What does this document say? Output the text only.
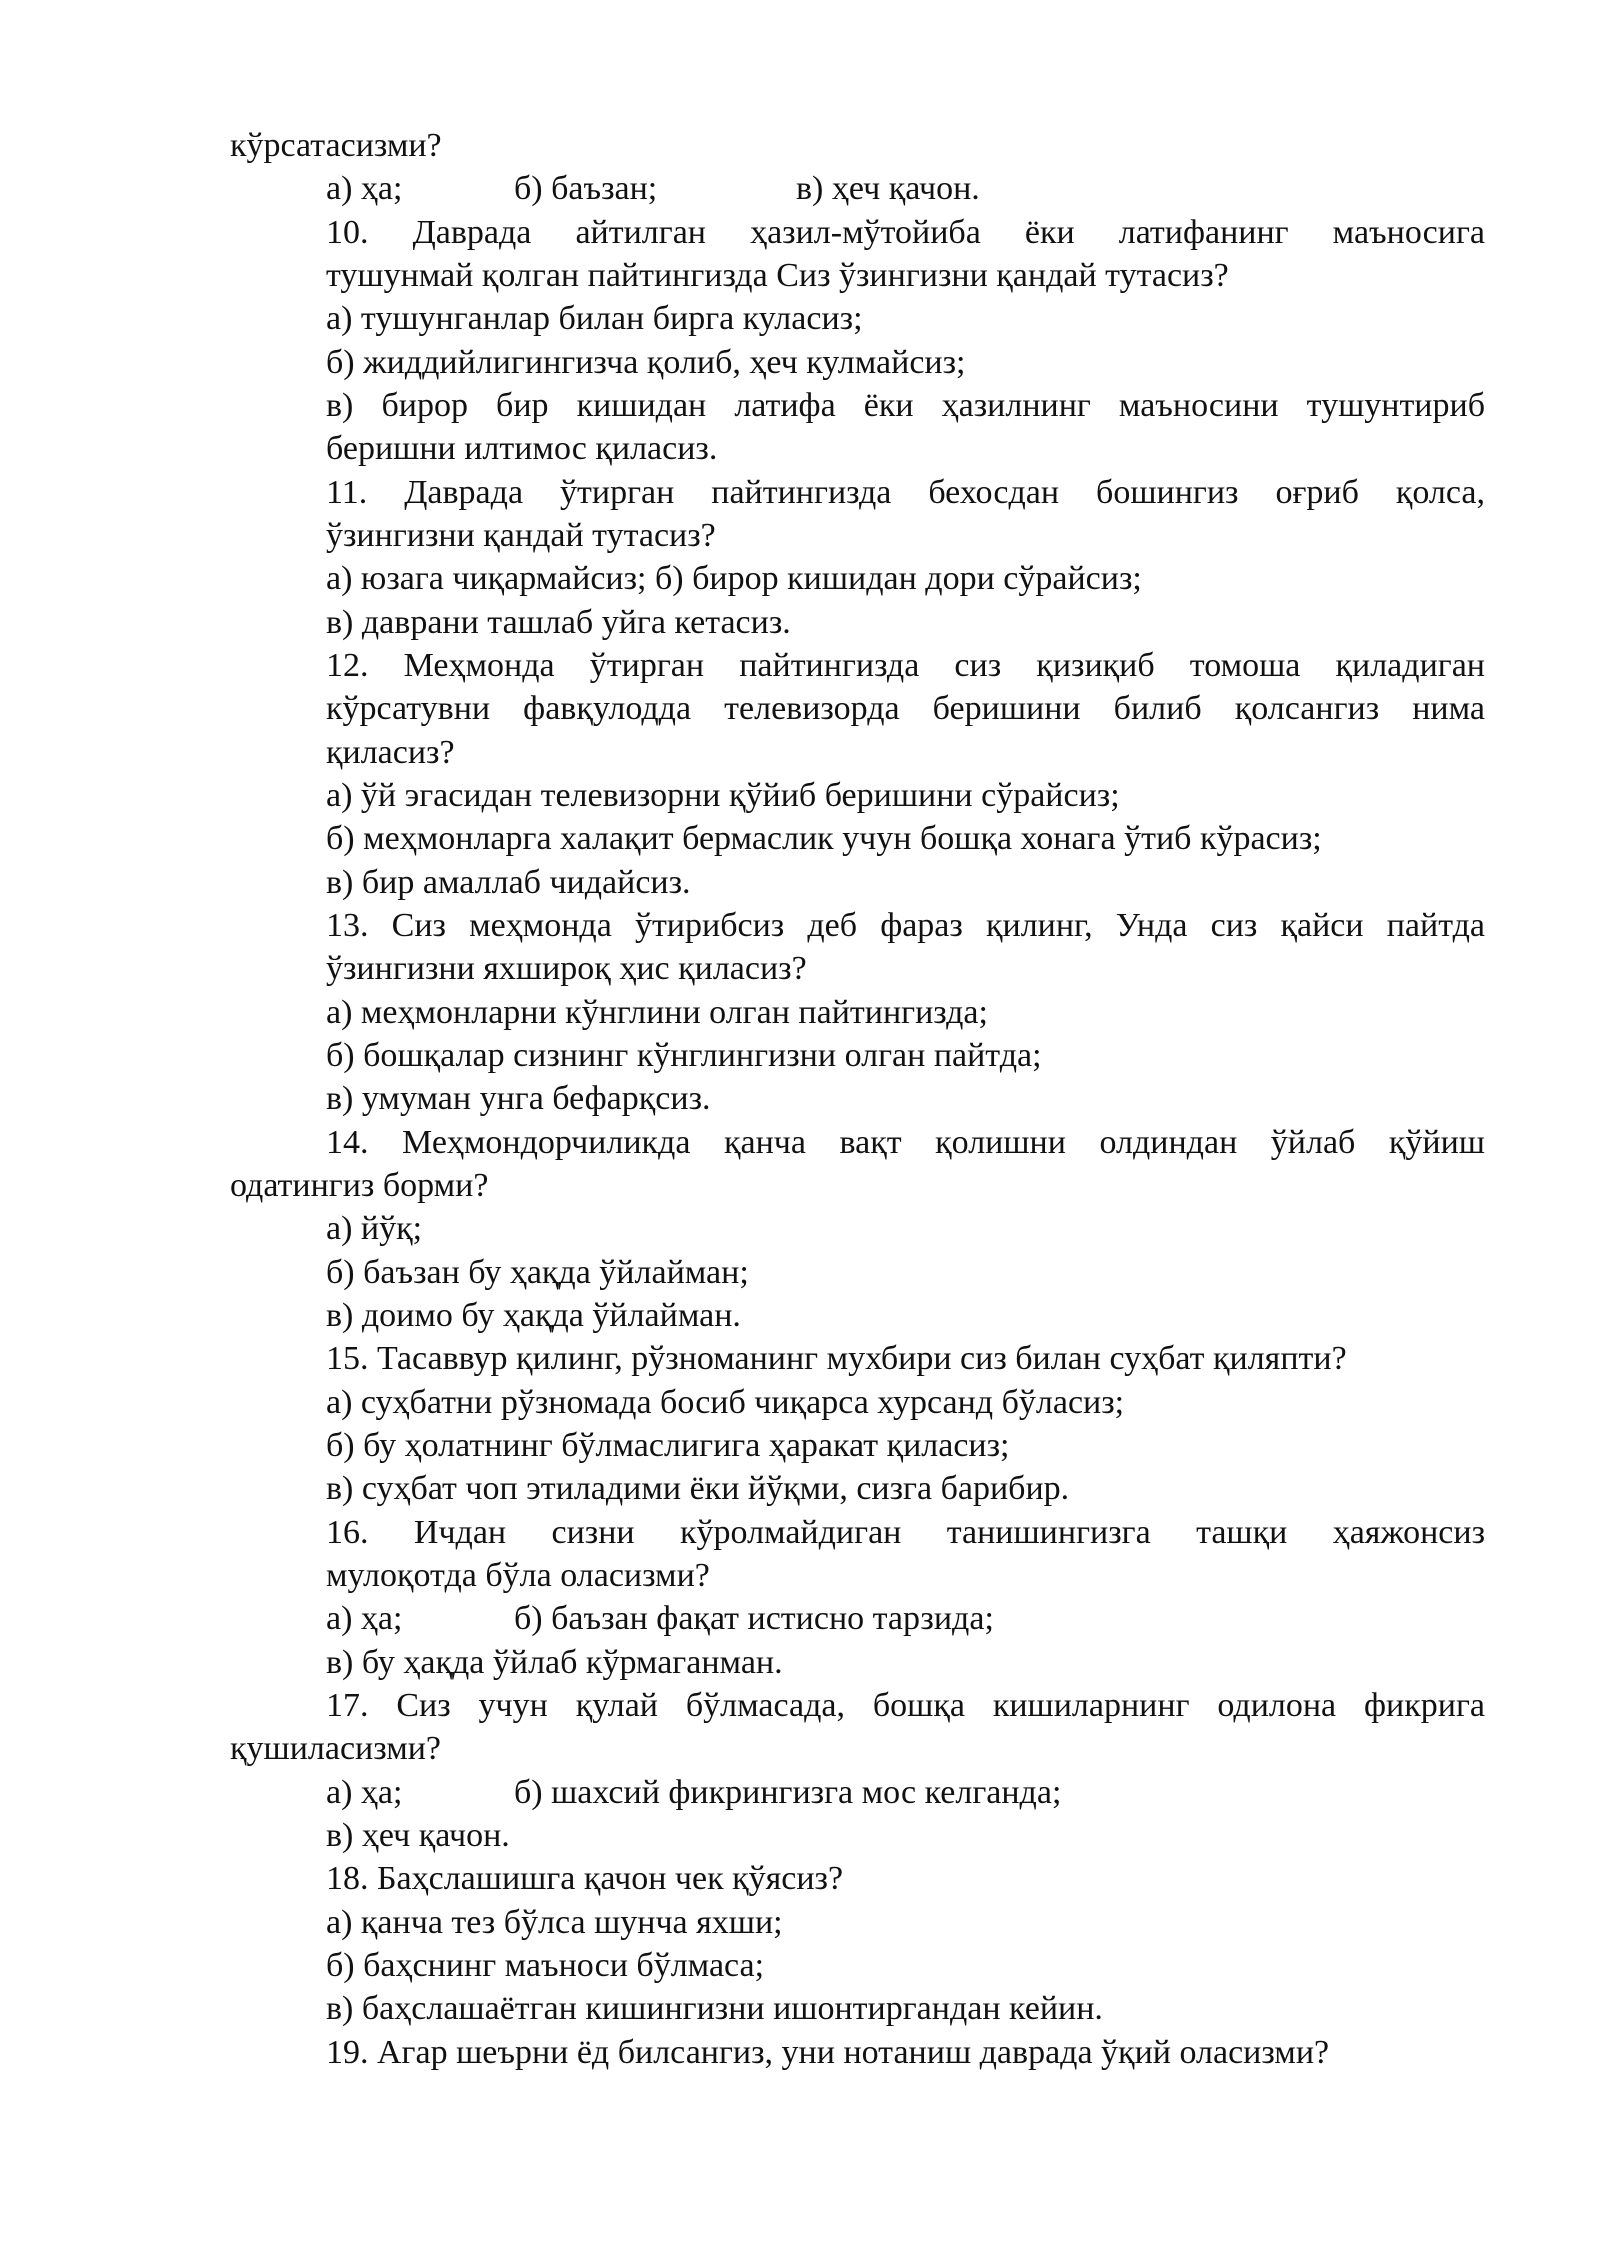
кўрсатасизми?
а) ҳа;	б) баъзан;	в) ҳеч қачон.
10. Даврада айтилган ҳазил-мўтойиба ёки латифанинг маъносига
тушунмай қолган пайтингизда Сиз ўзингизни қандай тутасиз?
а) тушунганлар билан бирга куласиз;
б) жиддийлигингизча қолиб, ҳеч кулмайсиз;
в) бирор бир кишидан латифа ёки ҳазилнинг маъносини тушунтириб
беришни илтимос қиласиз.
11. Даврада ўтирган пайтингизда бехосдан бошингиз оғриб қолса,
ўзингизни қандай тутасиз?
а) юзага чиқармайсиз; б) бирор кишидан дори сўрайсиз;
в) даврани ташлаб уйга кетасиз.
12. Меҳмонда ўтирган пайтингизда сиз қизиқиб томоша қиладиган
кўрсатувни фавқулодда телевизорда беришини билиб қолсангиз нима
қиласиз?
а) ўй эгасидан телевизорни қўйиб беришини сўрайсиз;
б) меҳмонларга халақит бермаслик учун бошқа хонага ўтиб кўрасиз;
в) бир амаллаб чидайсиз.
13. Сиз меҳмонда ўтирибсиз деб фараз қилинг, Унда сиз қайси пайтда
ўзингизни яхшироқ ҳис қиласиз?
а) меҳмонларни кўнглини олган пайтингизда;
б) бошқалар сизнинг кўнглингизни олган пайтда;
в) умуман унга бефарқсиз.
14. Меҳмондорчиликда қанча вақт қолишни олдиндан ўйлаб қўйиш
одатингиз борми?
а) йўқ;
б) баъзан бу ҳақда ўйлайман;
в) доимо бу ҳақда ўйлайман.
15. Тасаввур қилинг, рўзноманинг мухбири сиз билан суҳбат қиляпти?
а) суҳбатни рўзномада босиб чиқарса хурсанд бўласиз;
б) бу ҳолатнинг бўлмаслигига ҳаракат қиласиз;
в) суҳбат чоп этиладими ёки йўқми, сизга барибир.
16. Ичдан сизни кўролмайдиган танишингизга ташқи ҳаяжонсиз
мулоқотда бўла оласизми?
а) ҳа;	б) баъзан фақат истисно тарзида;
в) бу ҳақда ўйлаб кўрмаганман.
17. Сиз учун қулай бўлмасада, бошқа кишиларнинг одилона фикрига
қушиласизми?
а) ҳа;	б) шахсий фикрингизга мос келганда;
в) ҳеч қачон.
18. Баҳслашишга қачон чек қўясиз?
а) қанча тез бўлса шунча яхши;
б) баҳснинг маъноси бўлмаса;
в) баҳслашаётган кишингизни ишонтиргандан кейин.
19. Агар шеърни ёд билсангиз, уни нотаниш даврада ўқий оласизми?
